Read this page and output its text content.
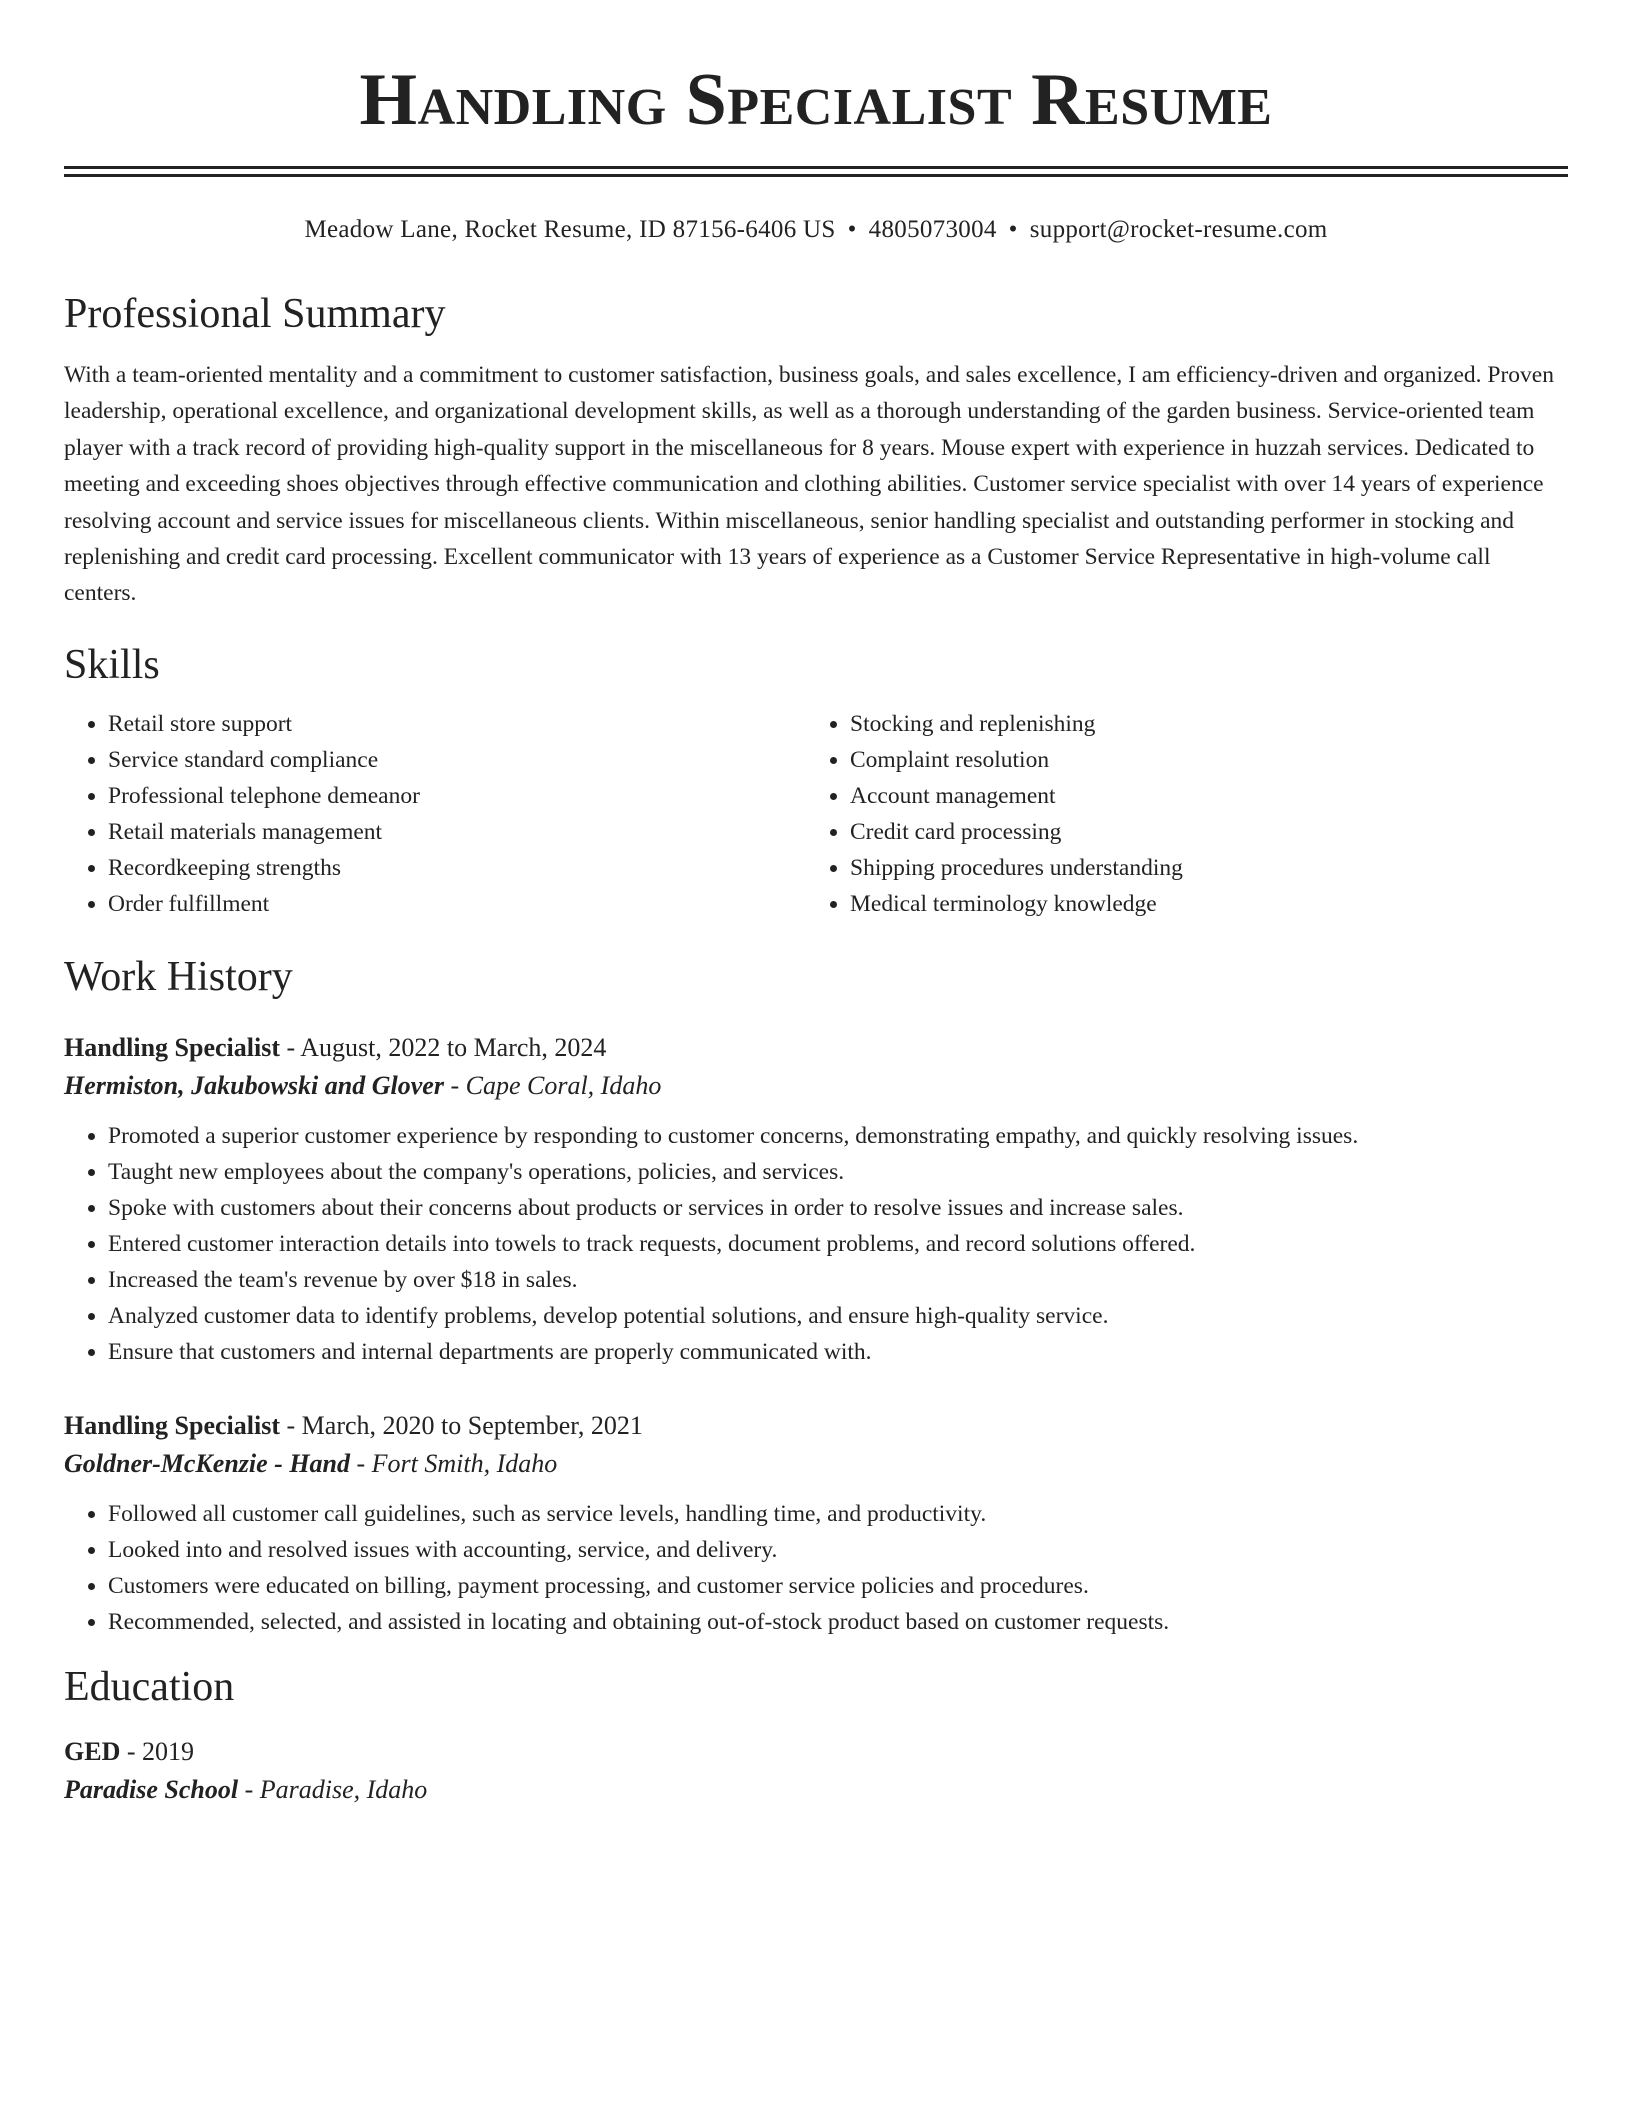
Handling Specialist Resume
Meadow Lane, Rocket Resume, ID 87156-6406 US • 4805073004 • support@rocket-resume.com
Professional Summary

With a team-oriented mentality and a commitment to customer satisfaction, business goals, and sales excellence, I am efficiency-driven and organized. Proven leadership, operational excellence, and organizational development skills, as well as a thorough understanding of the garden business. Service-oriented team player with a track record of providing high-quality support in the miscellaneous for 8 years. Mouse expert with experience in huzzah services. Dedicated to meeting and exceeding shoes objectives through effective communication and clothing abilities. Customer service specialist with over 14 years of experience resolving account and service issues for miscellaneous clients. Within miscellaneous, senior handling specialist and outstanding performer in stocking and replenishing and credit card processing. Excellent communicator with 13 years of experience as a Customer Service Representative in high-volume call centers.

Skills
• Retail store support
• Service standard compliance
• Professional telephone demeanor
• Retail materials management
• Recordkeeping strengths
• Order fulfillment
• Stocking and replenishing
• Complaint resolution
• Account management
• Credit card processing
• Shipping procedures understanding
• Medical terminology knowledge
Work History

Handling Specialist - August, 2022 to March, 2024

Hermiston, Jakubowski and Glover - Cape Coral, Idaho

• Promoted a superior customer experience by responding to customer concerns, demonstrating empathy, and quickly resolving issues.
• Taught new employees about the company's operations, policies, and services.
• Spoke with customers about their concerns about products or services in order to resolve issues and increase sales.
• Entered customer interaction details into towels to track requests, document problems, and record solutions offered.
• Increased the team's revenue by over $18 in sales.
• Analyzed customer data to identify problems, develop potential solutions, and ensure high-quality service.
• Ensure that customers and internal departments are properly communicated with.

Handling Specialist - March, 2020 to September, 2021

Goldner-McKenzie - Hand - Fort Smith, Idaho

• Followed all customer call guidelines, such as service levels, handling time, and productivity.
• Looked into and resolved issues with accounting, service, and delivery.
• Customers were educated on billing, payment processing, and customer service policies and procedures.
• Recommended, selected, and assisted in locating and obtaining out-of-stock product based on customer requests.
Education

GED - 2019

Paradise School - Paradise, Idaho
